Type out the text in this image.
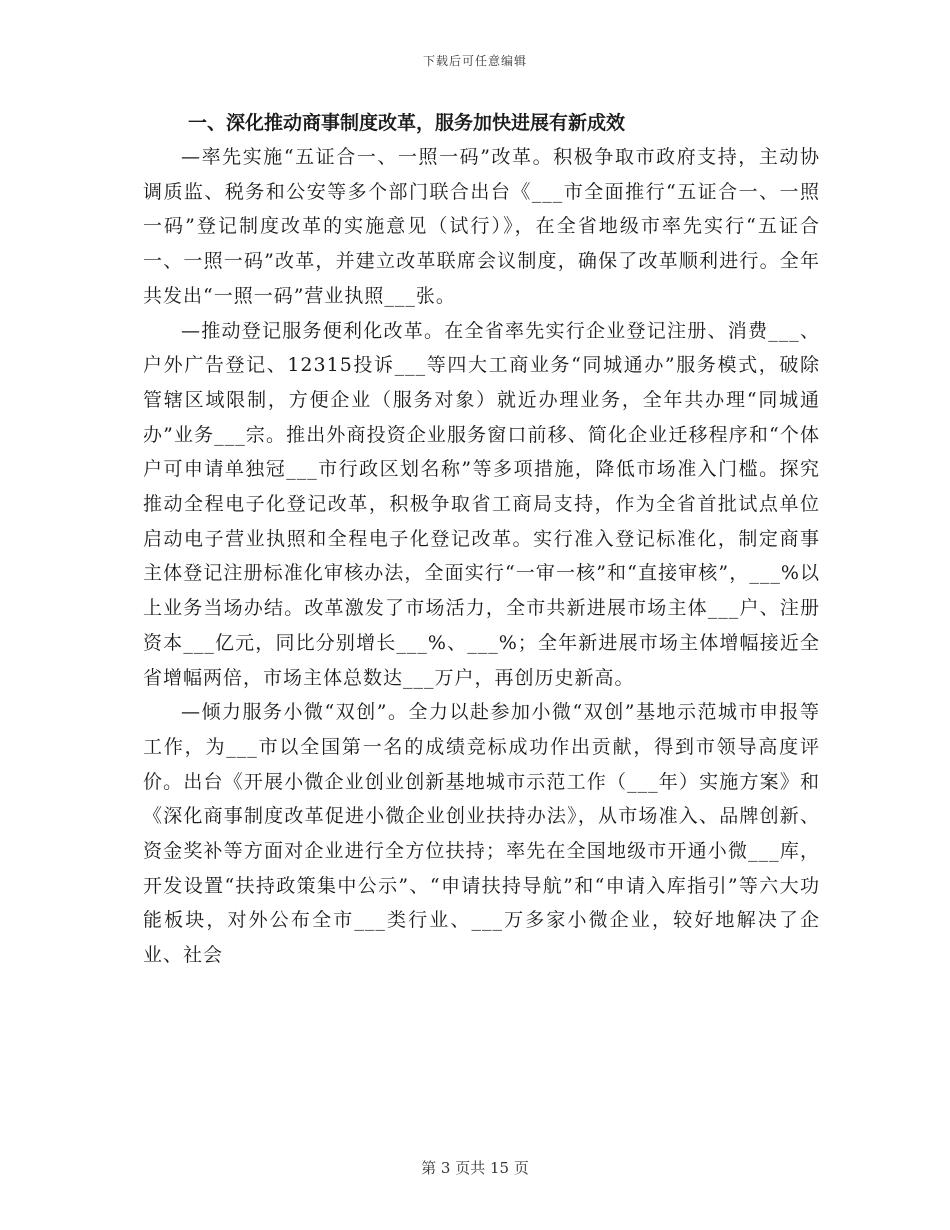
下载后可任意编辑
一、深化推动商事制度改革，服务加快进展有新成效

—率先实施“五证合一、一照一码”改革。积极争取市政府支持，主动协调质监、税务和公安等多个部门联合出台《___市全面推行“五证合一、一照一码”登记制度改革的实施意见（试行）》，在全省地级市率先实行“五证合一、一照一码”改革，并建立改革联席会议制度，确保了改革顺利进行。全年共发出“一照一码”营业执照___张。

—推动登记服务便利化改革。在全省率先实行企业登记注册、消费___、户外广告登记、12315投诉___等四大工商业务“同城通办”服务模式，破除管辖区域限制，方便企业（服务对象）就近办理业务，全年共办理“同城通办”业务___宗。推出外商投资企业服务窗口前移、简化企业迁移程序和“个体户可申请单独冠___市行政区划名称”等多项措施，降低市场准入门槛。探究推动全程电子化登记改革，积极争取省工商局支持，作为全省首批试点单位启动电子营业执照和全程电子化登记改革。实行准入登记标准化，制定商事主体登记注册标准化审核办法，全面实行“一审一核”和“直接审核”，___%以上业务当场办结。改革激发了市场活力，全市共新进展市场主体___户、注册资本___亿元，同比分别增长___%、___%；全年新进展市场主体增幅接近全省增幅两倍，市场主体总数达___万户，再创历史新高。

—倾力服务小微“双创”。全力以赴参加小微“双创”基地示范城市申报等工作，为___市以全国第一名的成绩竞标成功作出贡献，得到市领导高度评价。出台《开展小微企业创业创新基地城市示范工作（___年）实施方案》和《深化商事制度改革促进小微企业创业扶持办法》，从市场准入、品牌创新、资金奖补等方面对企业进行全方位扶持；率先在全国地级市开通小微___库，开发设置“扶持政策集中公示”、“申请扶持导航”和“申请入库指引”等六大功能板块，对外公布全市___类行业、___万多家小微企业，较好地解决了企业、社会

第 3 页共 15 页
